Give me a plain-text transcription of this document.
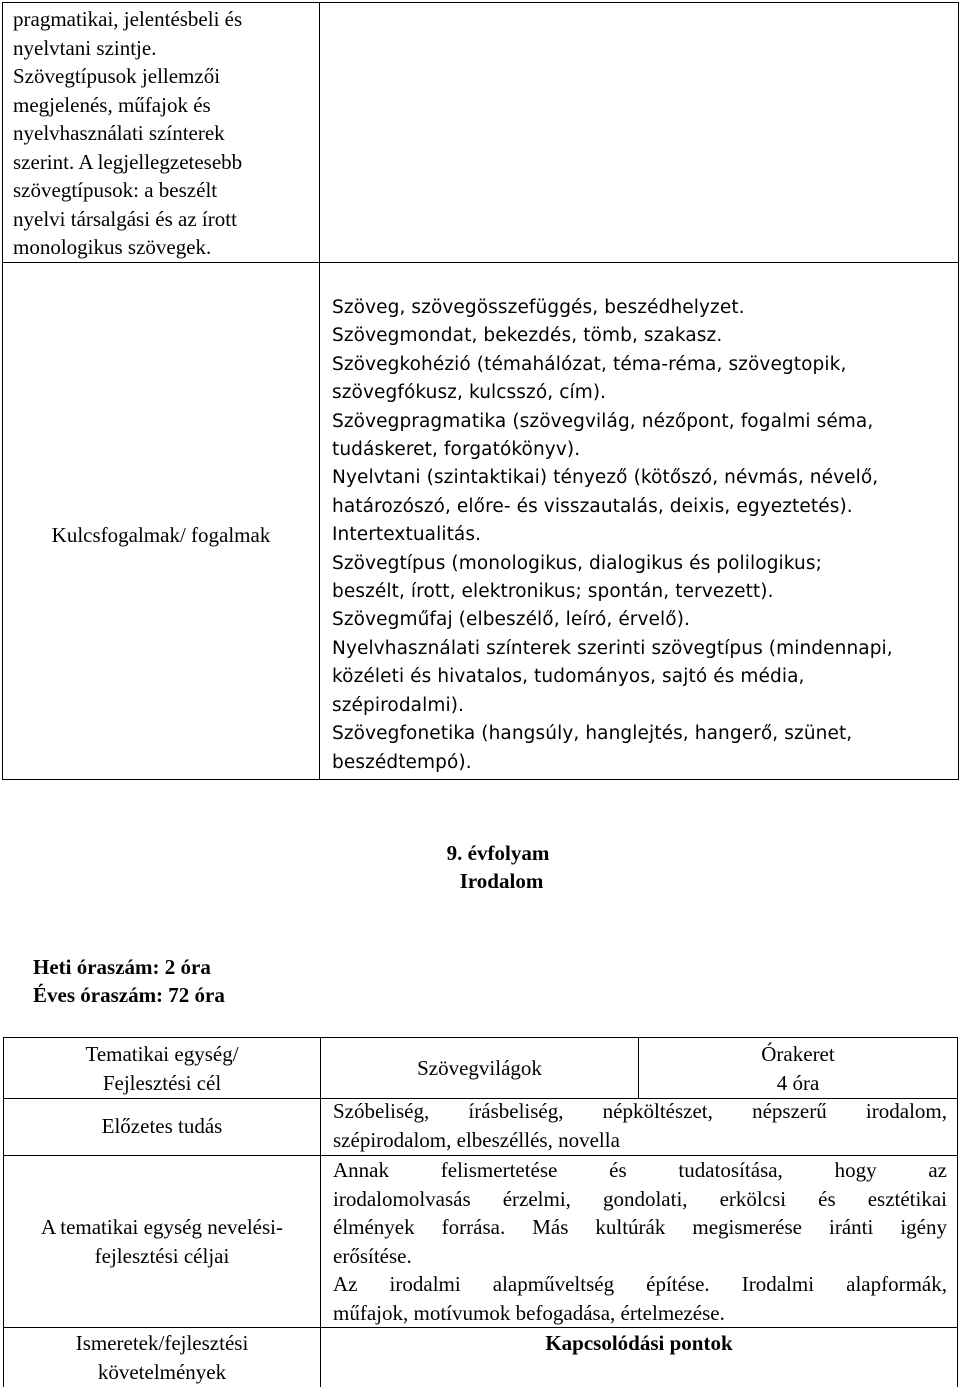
pragmatikai, jelentésbeli és
nyelvtani szintje.
Szövegtípusok jellemzői
megjelenés, műfajok és
nyelvhasználati színterek
szerint. A legjellegzetesebb
szövegtípusok: a beszélt
nyelvi társalgási és az írott
monologikus szövegek.
Kulcsfogalmak/ fogalmak
Szöveg, szövegösszefüggés, beszédhelyzet.
Szövegmondat, bekezdés, tömb, szakasz.
Szövegkohézió (témahálózat, téma-réma, szövegtopik,
szövegfókusz, kulcsszó, cím).
Szövegpragmatika (szövegvilág, nézőpont, fogalmi séma,
tudáskeret, forgatókönyv).
Nyelvtani (szintaktikai) tényező (kötőszó, névmás, névelő,
határozószó, előre- és visszautalás, deixis, egyeztetés).
Intertextualitás.
Szövegtípus (monologikus, dialogikus és polilogikus;
beszélt, írott, elektronikus; spontán, tervezett).
Szövegműfaj (elbeszélő, leíró, érvelő).
Nyelvhasználati színterek szerinti szövegtípus (mindennapi,
közéleti és hivatalos, tudományos, sajtó és média,
szépirodalmi).
Szövegfonetika (hangsúly, hanglejtés, hangerő, szünet,
beszédtempó).
9. évfolyam
Irodalom
Heti óraszám: 2 óra
Éves óraszám: 72 óra
Tematikai egység/
Fejlesztési cél
Szövegvilágok
Órakeret
4 óra
Előzetes tudás
Szóbeliség, írásbeliség, népköltészet, népszerű irodalom,
szépirodalom, elbeszéllés, novella
A tematikai egység nevelési-
fejlesztési céljai
Annak felismertetése és tudatosítása, hogy az
irodalomolvasás érzelmi, gondolati, erkölcsi és esztétikai
élmények forrása. Más kultúrák megismerése iránti igény
erősítése.
Az irodalmi alapműveltség építése. Irodalmi alapformák,
műfajok, motívumok befogadása, értelmezése.
Ismeretek/fejlesztési
követelmények
Kapcsolódási pontok
